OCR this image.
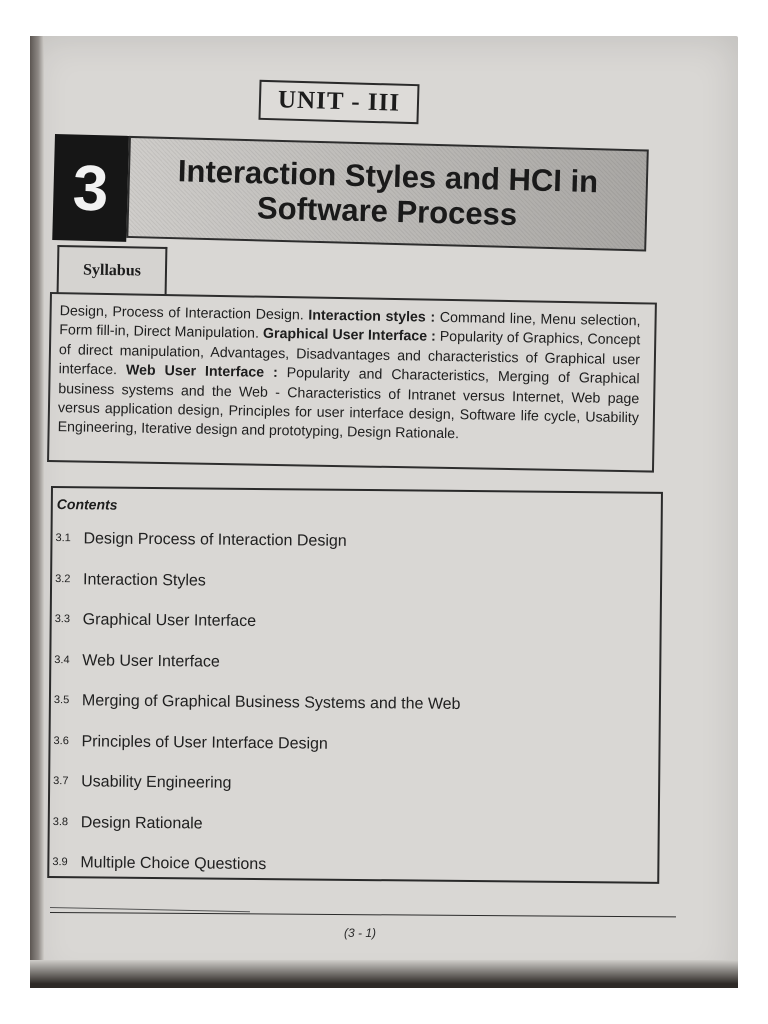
UNIT - III
3	Interaction Styles and HCI in
Software Process
Syllabus
Design, Process of Interaction Design. Interaction styles : Command line, Menu selection, Form fill-in, Direct Manipulation. Graphical User Interface : Popularity of Graphics, Concept of direct manipulation, Advantages, Disadvantages and characteristics of Graphical user interface. Web User Interface : Popularity and Characteristics, Merging of Graphical business systems and the Web - Characteristics of Intranet versus Internet, Web page versus application design, Principles for user interface design, Software life cycle, Usability Engineering, Iterative design and prototyping, Design Rationale.
Contents
3.1 Design Process of Interaction Design
3.2 Interaction Styles
3.3 Graphical User Interface
3.4 Web User Interface
3.5 Merging of Graphical Business Systems and the Web
3.6 Principles of User Interface Design
3.7 Usability Engineering
3.8 Design Rationale
3.9 Multiple Choice Questions
(3 - 1)
